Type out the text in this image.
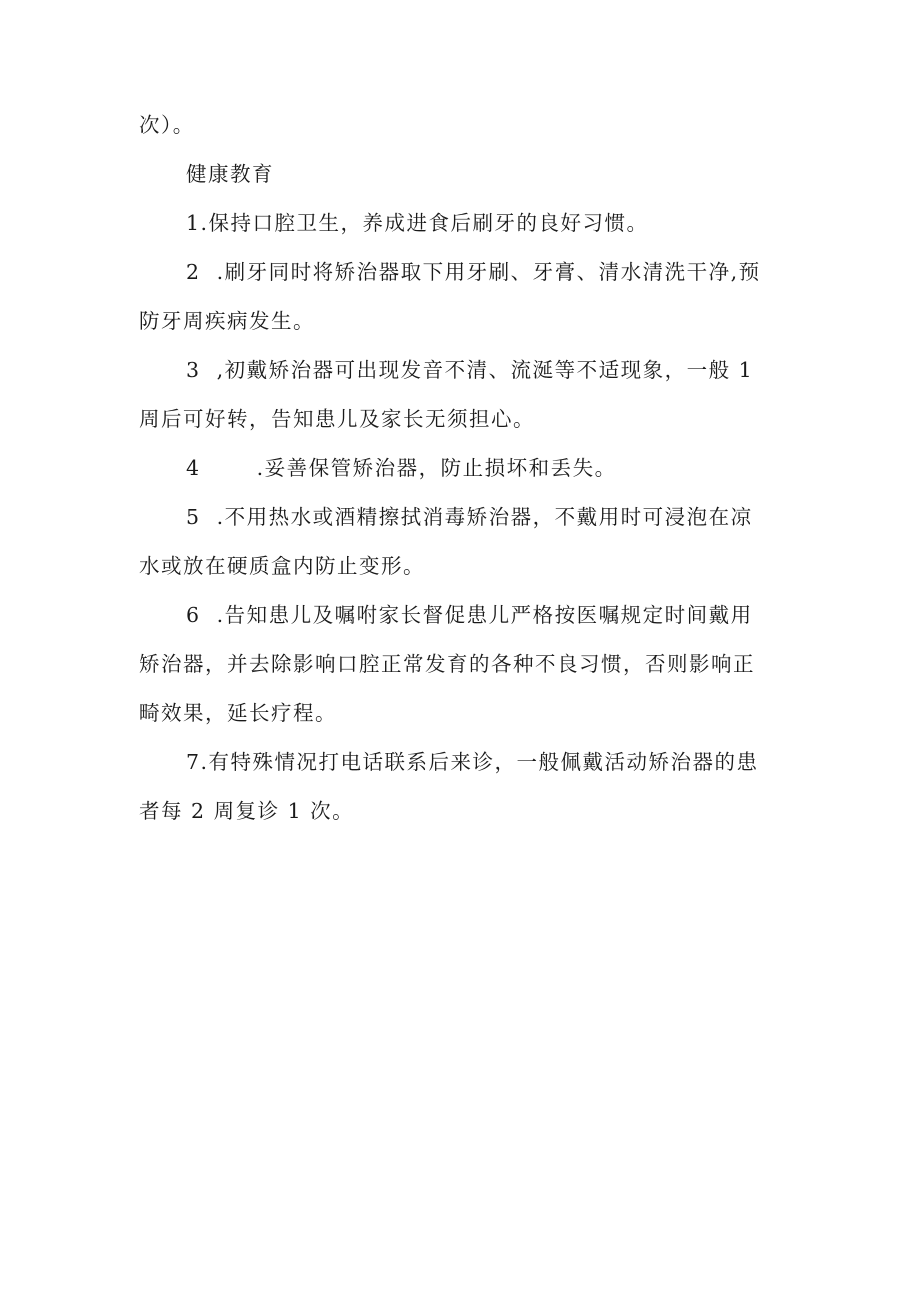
次）。

健康教育

1.保持口腔卫生，养成进食后刷牙的良好习惯。

2  .刷牙同时将矫治器取下用牙刷、牙膏、清水清洗干净,预

防牙周疾病发生。

3  ,初戴矫治器可出现发音不清、流涎等不适现象，一般 1

周后可好转，告知患儿及家长无须担心。

4       .妥善保管矫治器，防止损坏和丢失。

5  .不用热水或酒精擦拭消毒矫治器，不戴用时可浸泡在凉

水或放在硬质盒内防止变形。

6  .告知患儿及嘱咐家长督促患儿严格按医嘱规定时间戴用

矫治器，并去除影响口腔正常发育的各种不良习惯，否则影响正

畸效果，延长疗程。

7.有特殊情况打电话联系后来诊，一般佩戴活动矫治器的患

者每 2 周复诊 1 次。
